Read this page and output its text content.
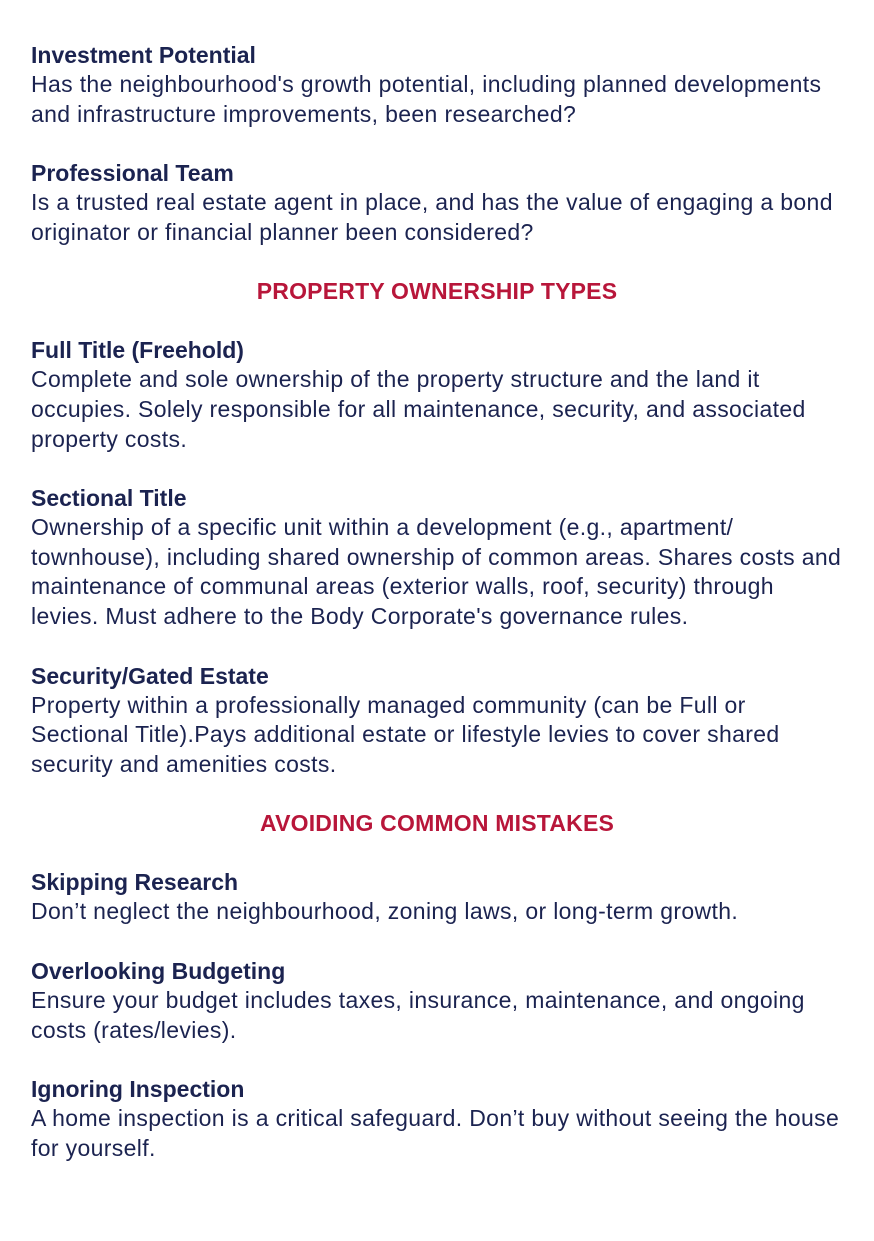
Investment Potential

Has the neighbourhood's growth potential, including planned developments and infrastructure improvements, been researched?

Professional Team

Is a trusted real estate agent in place, and has the value of engaging a bond originator or financial planner been considered?

PROPERTY OWNERSHIP TYPES

Full Title (Freehold)

Complete and sole ownership of the property structure and the land it occupies. Solely responsible for all maintenance, security, and associated property costs.

Sectional Title

Ownership of a specific unit within a development (e.g., apartment/ townhouse), including shared ownership of common areas. Shares costs and maintenance of communal areas (exterior walls, roof, security) through levies. Must adhere to the Body Corporate's governance rules.

Security/Gated Estate

Property within a professionally managed community (can be Full or Sectional Title).Pays additional estate or lifestyle levies to cover shared security and amenities costs.

AVOIDING COMMON MISTAKES

Skipping Research

Don’t neglect the neighbourhood, zoning laws, or long-term growth.

Overlooking Budgeting

Ensure your budget includes taxes, insurance, maintenance, and ongoing costs (rates/levies).

Ignoring Inspection

A home inspection is a critical safeguard. Don’t buy without seeing the house for yourself.
